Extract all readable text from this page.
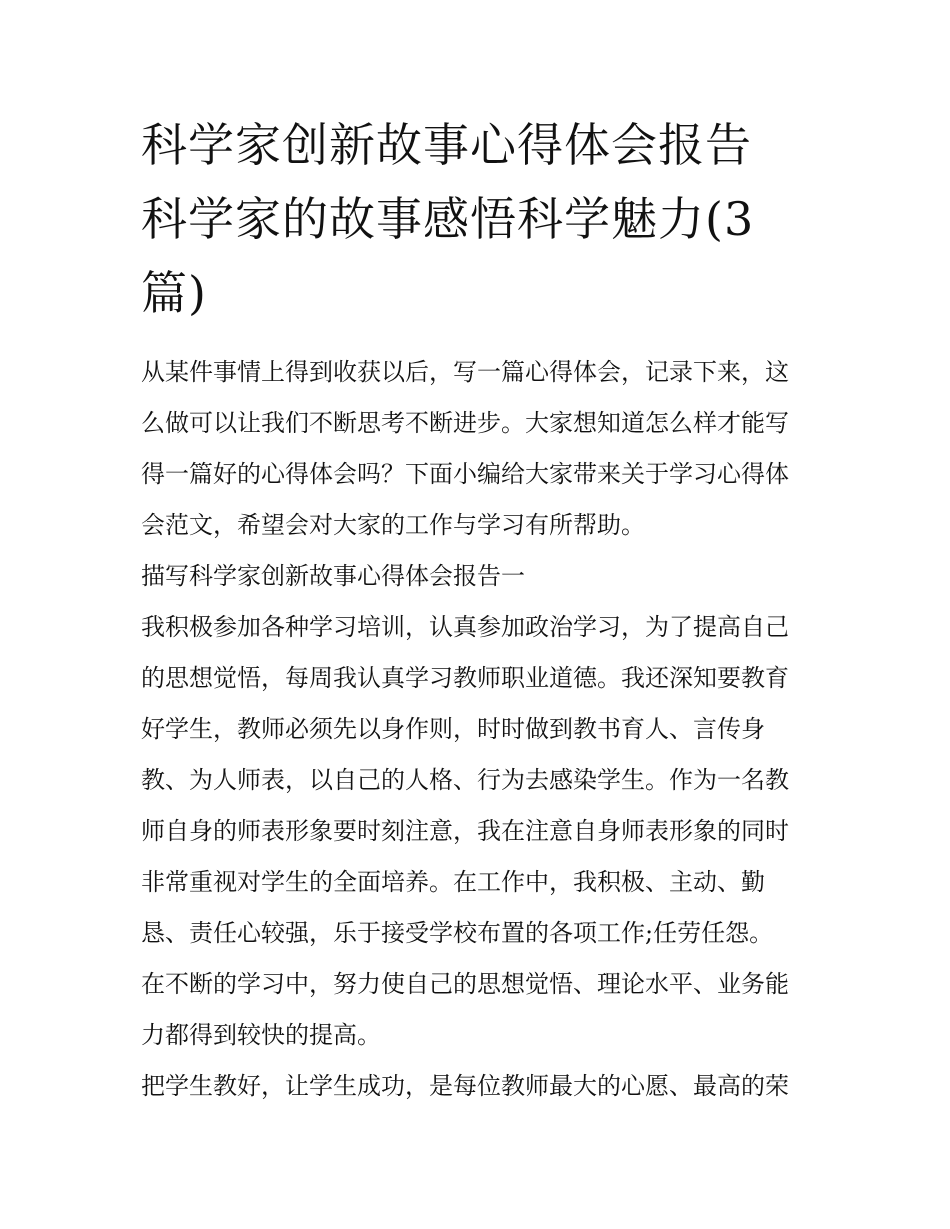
科学家创新故事心得体会报告
科学家的故事感悟科学魅力(3
篇)

从某件事情上得到收获以后，写一篇心得体会，记录下来，这
么做可以让我们不断思考不断进步。大家想知道怎么样才能写
得一篇好的心得体会吗？下面小编给大家带来关于学习心得体
会范文，希望会对大家的工作与学习有所帮助。

描写科学家创新故事心得体会报告一

我积极参加各种学习培训，认真参加政治学习，为了提高自己
的思想觉悟，每周我认真学习教师职业道德。我还深知要教育
好学生，教师必须先以身作则，时时做到教书育人、言传身
教、为人师表，以自己的人格、行为去感染学生。作为一名教
师自身的师表形象要时刻注意，我在注意自身师表形象的同时
非常重视对学生的全面培养。在工作中，我积极、主动、勤
恳、责任心较强，乐于接受学校布置的各项工作;任劳任怨。
在不断的学习中，努力使自己的思想觉悟、理论水平、业务能
力都得到较快的提高。

把学生教好，让学生成功，是每位教师最大的心愿、最高的荣
